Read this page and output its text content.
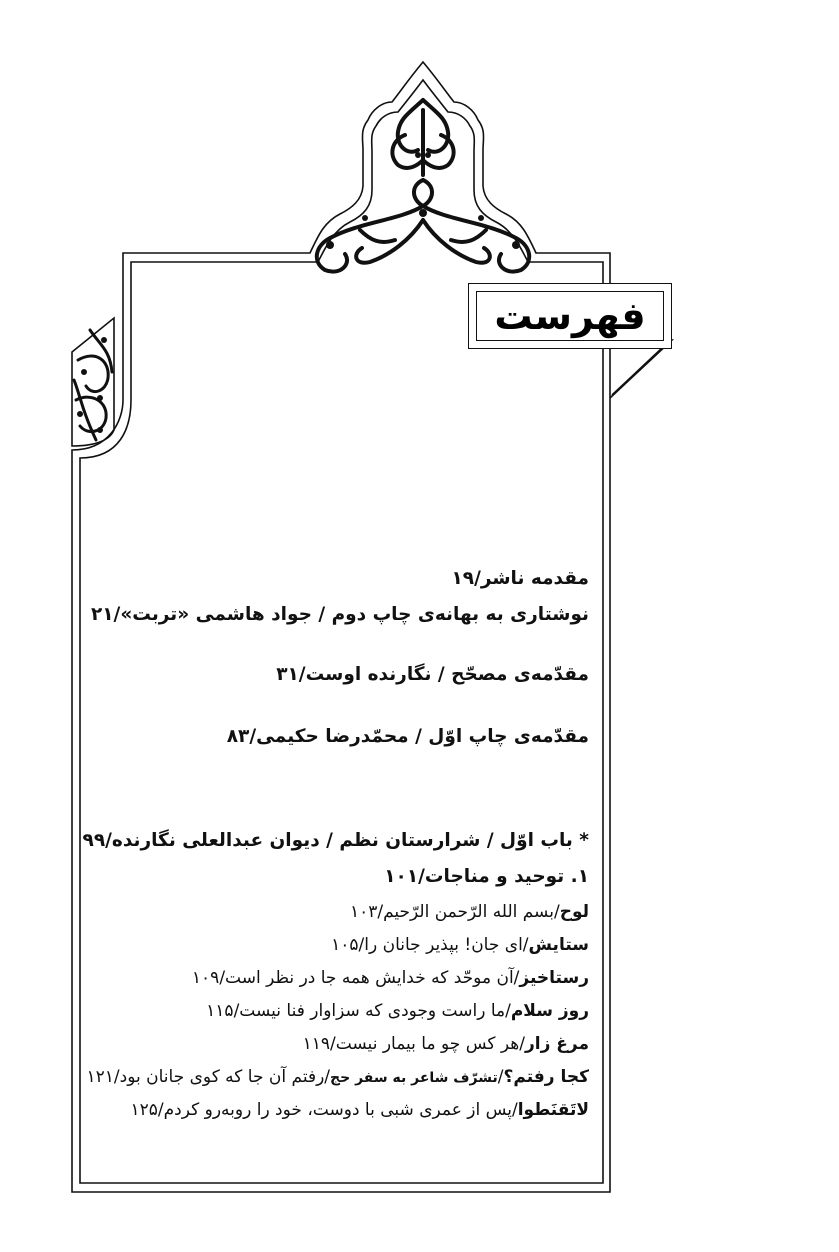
فهرست
مقدمه ناشر/۱۹
نوشتاری به بهانه‌ی چاپ دوم / جواد هاشمی «تربت»/۲۱
مقدّمه‌ی مصحّح / نگارنده اوست/۳۱
مقدّمه‌ی چاپ اوّل / محمّدرضا حکیمی/۸۳
* باب اوّل / شرارستان نظم / دیوان عبدالعلی نگارنده/۹۹
۱. توحید و مناجات/۱۰۱
لوح/بسم الله الرّحمن الرّحیم/۱۰۳
ستایش/ای جان! بپذیر جانان را/۱۰۵
رستاخیز/آن موحّد که خدایش همه جا در نظر است/۱۰۹
روز سلام/ما راست وجودی که سزاوار فنا نیست/۱۱۵
مرغ زار/هر کس چو ما بیمار نیست/۱۱۹
کجا رفتم؟/تشرّف شاعر به سفر حج/رفتم آن جا که کوی جانان بود/۱۲۱
لاتَقنَطوا/پس از عمری شبی با دوست، خود را روبه‌رو کردم/۱۲۵
